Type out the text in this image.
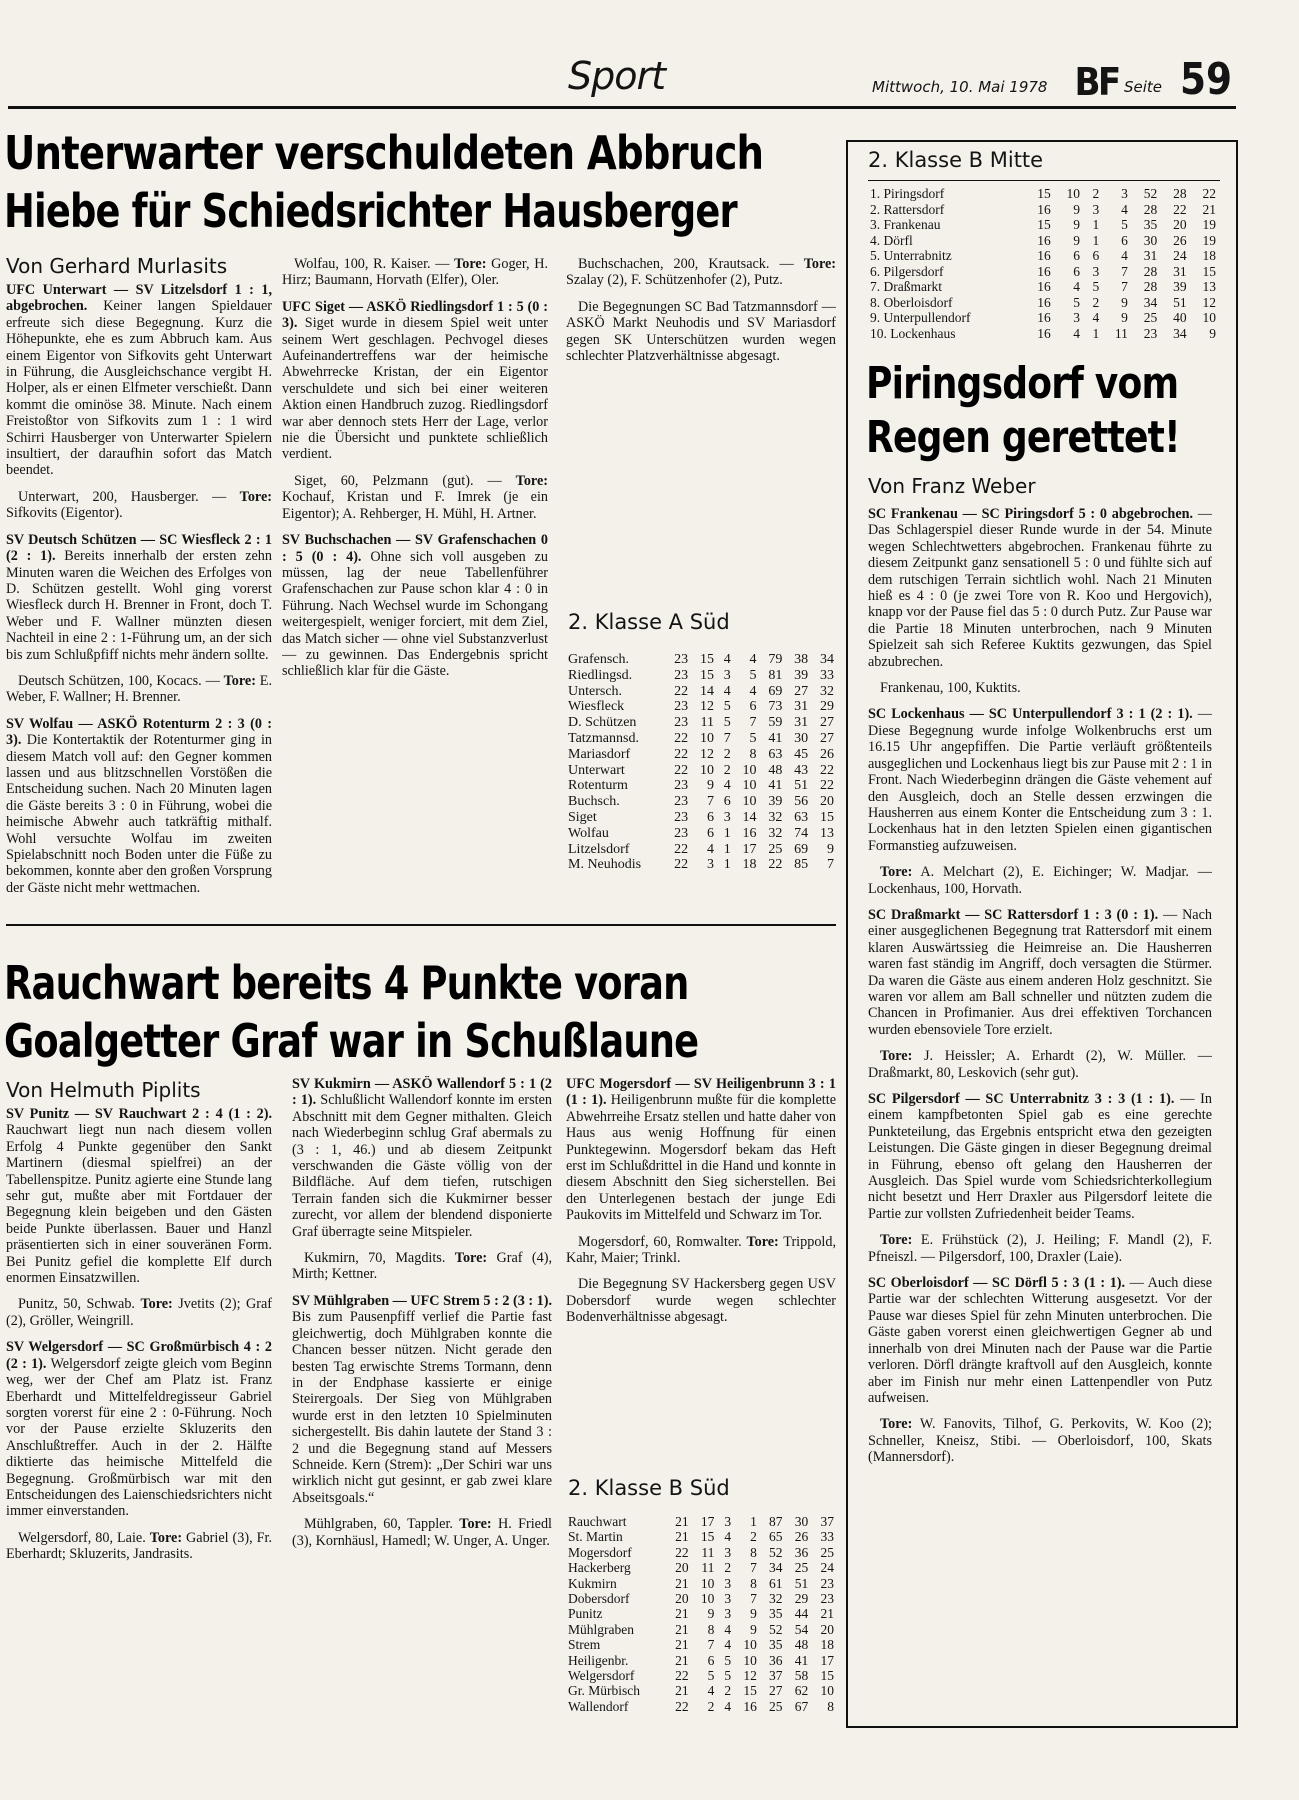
Sport	Mittwoch, 10. Mai 1978 BF Seite 59
Unterwarter verschuldeten Abbruch
Hiebe für Schiedsrichter Hausberger
Von Gerhard Murlasits

UFC Unterwart — SV Litzelsdorf 1 : 1, abgebrochen. Keiner langen Spieldauer erfreute sich diese Begegnung. Kurz die Höhepunkte, ehe es zum Abbruch kam. Aus einem Eigentor von Sifkovits geht Unterwart in Führung, die Ausgleichschance vergibt H. Holper, als er einen Elfmeter verschießt. Dann kommt die ominöse 38. Minute. Nach einem Freistoßtor von Sifkovits zum 1 : 1 wird Schirri Hausberger von Unterwarter Spielern insultiert, der daraufhin sofort das Match beendet.

Unterwart, 200, Hausberger. — Tore: Sifkovits (Eigentor).

SV Deutsch Schützen — SC Wiesfleck 2 : 1 (2 : 1). Bereits innerhalb der ersten zehn Minuten waren die Weichen des Erfolges von D. Schützen gestellt. Wohl ging vorerst Wiesfleck durch H. Brenner in Front, doch T. Weber und F. Wallner münzten diesen Nachteil in eine 2 : 1-Führung um, an der sich bis zum Schlußpfiff nichts mehr ändern sollte.

Deutsch Schützen, 100, Kocacs. — Tore: E. Weber, F. Wallner; H. Brenner.

SV Wolfau — ASKÖ Rotenturm 2 : 3 (0 : 3). Die Kontertaktik der Rotenturmer ging in diesem Match voll auf: den Gegner kommen lassen und aus blitzschnellen Vorstößen die Entscheidung suchen. Nach 20 Minuten lagen die Gäste bereits 3 : 0 in Führung, wobei die heimische Abwehr auch tatkräftig mithalf. Wohl versuchte Wolfau im zweiten Spielabschnitt noch Boden unter die Füße zu bekommen, konnte aber den großen Vorsprung der Gäste nicht mehr wettmachen.

Wolfau, 100, R. Kaiser. — Tore: Goger, H. Hirz; Baumann, Horvath (Elfer), Oler.

UFC Siget — ASKÖ Riedlingsdorf 1 : 5 (0 : 3). Siget wurde in diesem Spiel weit unter seinem Wert geschlagen. Pechvogel dieses Aufeinandertreffens war der heimische Abwehrrecke Kristan, der ein Eigentor verschuldete und sich bei einer weiteren Aktion einen Handbruch zuzog. Riedlingsdorf war aber dennoch stets Herr der Lage, verlor nie die Übersicht und punktete schließlich verdient.

Siget, 60, Pelzmann (gut). — Tore: Kochauf, Kristan und F. Imrek (je ein Eigentor); A. Rehberger, H. Mühl, H. Artner.

SV Buchschachen — SV Grafenschachen 0 : 5 (0 : 4). Ohne sich voll ausgeben zu müssen, lag der neue Tabellenführer Grafenschachen zur Pause schon klar 4 : 0 in Führung. Nach Wechsel wurde im Schongang weitergespielt, weniger forciert, mit dem Ziel, das Match sicher — ohne viel Substanzverlust — zu gewinnen. Das Endergebnis spricht schließlich klar für die Gäste.

Buchschachen, 200, Krautsack. — Tore: Szalay (2), F. Schützenhofer (2), Putz.

Die Begegnungen SC Bad Tatzmannsdorf — ASKÖ Markt Neuhodis und SV Mariasdorf gegen SK Unterschützen wurden wegen schlechter Platzverhältnisse abgesagt.

2. Klasse A Süd
Grafensch.	23	15	4	4	79	38	34
Riedlingsd.	23	15	3	5	81	39	33
Untersch.	22	14	4	4	69	27	32
Wiesfleck	23	12	5	6	73	31	29
D. Schützen	23	11	5	7	59	31	27
Tatzmannsd.	22	10	7	5	41	30	27
Mariasdorf	22	12	2	8	63	45	26
Unterwart	22	10	2	10	48	43	22
Rotenturm	23	9	4	10	41	51	22
Buchsch.	23	7	6	10	39	56	20
Siget	23	6	3	14	32	63	15
Wolfau	23	6	1	16	32	74	13
Litzelsdorf	22	4	1	17	25	69	9
M. Neuhodis	22	3	1	18	22	85	7
2. Klasse B Mitte
1. Piringsdorf	15	10	2	3	52	28	22
2. Rattersdorf	16	9	3	4	28	22	21
3. Frankenau	15	9	1	5	35	20	19
4. Dörfl	16	9	1	6	30	26	19
5. Unterrabnitz	16	6	6	4	31	24	18
6. Pilgersdorf	16	6	3	7	28	31	15
7. Draßmarkt	16	4	5	7	28	39	13
8. Oberloisdorf	16	5	2	9	34	51	12
9. Unterpullendorf	16	3	4	9	25	40	10
10. Lockenhaus	16	4	1	11	23	34	9
Piringsdorf vom
Regen gerettet!
Von Franz Weber

SC Frankenau — SC Piringsdorf 5 : 0 abgebrochen. — Das Schlagerspiel dieser Runde wurde in der 54. Minute wegen Schlechtwetters abgebrochen. Frankenau führte zu diesem Zeitpunkt ganz sensationell 5 : 0 und fühlte sich auf dem rutschigen Terrain sichtlich wohl. Nach 21 Minuten hieß es 4 : 0 (je zwei Tore von R. Koo und Hergovich), knapp vor der Pause fiel das 5 : 0 durch Putz. Zur Pause war die Partie 18 Minuten unterbrochen, nach 9 Minuten Spielzeit sah sich Referee Kuktits gezwungen, das Spiel abzubrechen.

Frankenau, 100, Kuktits.

SC Lockenhaus — SC Unterpullendorf 3 : 1 (2 : 1). — Diese Begegnung wurde infolge Wolkenbruchs erst um 16.15 Uhr angepfiffen. Die Partie verläuft größtenteils ausgeglichen und Lockenhaus liegt bis zur Pause mit 2 : 1 in Front. Nach Wiederbeginn drängen die Gäste vehement auf den Ausgleich, doch an Stelle dessen erzwingen die Hausherren aus einem Konter die Entscheidung zum 3 : 1. Lockenhaus hat in den letzten Spielen einen gigantischen Formanstieg aufzuweisen.

Tore: A. Melchart (2), E. Eichinger; W. Madjar. — Lockenhaus, 100, Horvath.

SC Draßmarkt — SC Rattersdorf 1 : 3 (0 : 1). — Nach einer ausgeglichenen Begegnung trat Rattersdorf mit einem klaren Auswärtssieg die Heimreise an. Die Hausherren waren fast ständig im Angriff, doch versagten die Stürmer. Da waren die Gäste aus einem anderen Holz geschnitzt. Sie waren vor allem am Ball schneller und nützten zudem die Chancen in Profimanier. Aus drei effektiven Torchancen wurden ebensoviele Tore erzielt.

Tore: J. Heissler; A. Erhardt (2), W. Müller. — Draßmarkt, 80, Leskovich (sehr gut).

SC Pilgersdorf — SC Unterrabnitz 3 : 3 (1 : 1). — In einem kampfbetonten Spiel gab es eine gerechte Punkteteilung, das Ergebnis entspricht etwa den gezeigten Leistungen. Die Gäste gingen in dieser Begegnung dreimal in Führung, ebenso oft gelang den Hausherren der Ausgleich. Das Spiel wurde vom Schiedsrichterkollegium nicht besetzt und Herr Draxler aus Pilgersdorf leitete die Partie zur vollsten Zufriedenheit beider Teams.

Tore: E. Frühstück (2), J. Heiling; F. Mandl (2), F. Pfneiszl. — Pilgersdorf, 100, Draxler (Laie).

SC Oberloisdorf — SC Dörfl 5 : 3 (1 : 1). — Auch diese Partie war der schlechten Witterung ausgesetzt. Vor der Pause war dieses Spiel für zehn Minuten unterbrochen. Die Gäste gaben vorerst einen gleichwertigen Gegner ab und innerhalb von drei Minuten nach der Pause war die Partie verloren. Dörfl drängte kraftvoll auf den Ausgleich, konnte aber im Finish nur mehr einen Lattenpendler von Putz aufweisen.

Tore: W. Fanovits, Tilhof, G. Perkovits, W. Koo (2); Schneller, Kneisz, Stibi. — Oberloisdorf, 100, Skats (Mannersdorf).

Rauchwart bereits 4 Punkte voran
Goalgetter Graf war in Schußlaune
Von Helmuth Piplits

SV Punitz — SV Rauchwart 2 : 4 (1 : 2). Rauchwart liegt nun nach diesem vollen Erfolg 4 Punkte gegenüber den Sankt Martinern (diesmal spielfrei) an der Tabellenspitze. Punitz agierte eine Stunde lang sehr gut, mußte aber mit Fortdauer der Begegnung klein beigeben und den Gästen beide Punkte überlassen. Bauer und Hanzl präsentierten sich in einer souveränen Form. Bei Punitz gefiel die komplette Elf durch enormen Einsatzwillen.

Punitz, 50, Schwab. Tore: Jvetits (2); Graf (2), Gröller, Weingrill.

SV Welgersdorf — SC Großmürbisch 4 : 2 (2 : 1). Welgersdorf zeigte gleich vom Beginn weg, wer der Chef am Platz ist. Franz Eberhardt und Mittelfeldregisseur Gabriel sorgten vorerst für eine 2 : 0-Führung. Noch vor der Pause erzielte Skluzerits den Anschlußtreffer. Auch in der 2. Hälfte diktierte das heimische Mittelfeld die Begegnung. Großmürbisch war mit den Entscheidungen des Laienschiedsrichters nicht immer einverstanden.

Welgersdorf, 80, Laie. Tore: Gabriel (3), Fr. Eberhardt; Skluzerits, Jandrasits.

SV Kukmirn — ASKÖ Wallendorf 5 : 1 (2 : 1). Schlußlicht Wallendorf konnte im ersten Abschnitt mit dem Gegner mithalten. Gleich nach Wiederbeginn schlug Graf abermals zu (3 : 1, 46.) und ab diesem Zeitpunkt verschwanden die Gäste völlig von der Bildfläche. Auf dem tiefen, rutschigen Terrain fanden sich die Kukmirner besser zurecht, vor allem der blendend disponierte Graf überragte seine Mitspieler.

Kukmirn, 70, Magdits. Tore: Graf (4), Mirth; Kettner.

SV Mühlgraben — UFC Strem 5 : 2 (3 : 1). Bis zum Pausenpfiff verlief die Partie fast gleichwertig, doch Mühlgraben konnte die Chancen besser nützen. Nicht gerade den besten Tag erwischte Strems Tormann, denn in der Endphase kassierte er einige Steirergoals. Der Sieg von Mühlgraben wurde erst in den letzten 10 Spielminuten sichergestellt. Bis dahin lautete der Stand 3 : 2 und die Begegnung stand auf Messers Schneide. Kern (Strem): „Der Schiri war uns wirklich nicht gut gesinnt, er gab zwei klare Abseitsgoals.“

Mühlgraben, 60, Tappler. Tore: H. Friedl (3), Kornhäusl, Hamedl; W. Unger, A. Unger.

UFC Mogersdorf — SV Heiligenbrunn 3 : 1 (1 : 1). Heiligenbrunn mußte für die komplette Abwehrreihe Ersatz stellen und hatte daher von Haus aus wenig Hoffnung für einen Punktegewinn. Mogersdorf bekam das Heft erst im Schlußdrittel in die Hand und konnte in diesem Abschnitt den Sieg sicherstellen. Bei den Unterlegenen bestach der junge Edi Paukovits im Mittelfeld und Schwarz im Tor.

Mogersdorf, 60, Romwalter. Tore: Trippold, Kahr, Maier; Trinkl.

Die Begegnung SV Hackersberg gegen USV Dobersdorf wurde wegen schlechter Bodenverhältnisse abgesagt.

2. Klasse B Süd
Rauchwart	21	17	3	1	87	30	37
St. Martin	21	15	4	2	65	26	33
Mogersdorf	22	11	3	8	52	36	25
Hackerberg	20	11	2	7	34	25	24
Kukmirn	21	10	3	8	61	51	23
Dobersdorf	20	10	3	7	32	29	23
Punitz	21	9	3	9	35	44	21
Mühlgraben	21	8	4	9	52	54	20
Strem	21	7	4	10	35	48	18
Heiligenbr.	21	6	5	10	36	41	17
Welgersdorf	22	5	5	12	37	58	15
Gr. Mürbisch	21	4	2	15	27	62	10
Wallendorf	22	2	4	16	25	67	8
